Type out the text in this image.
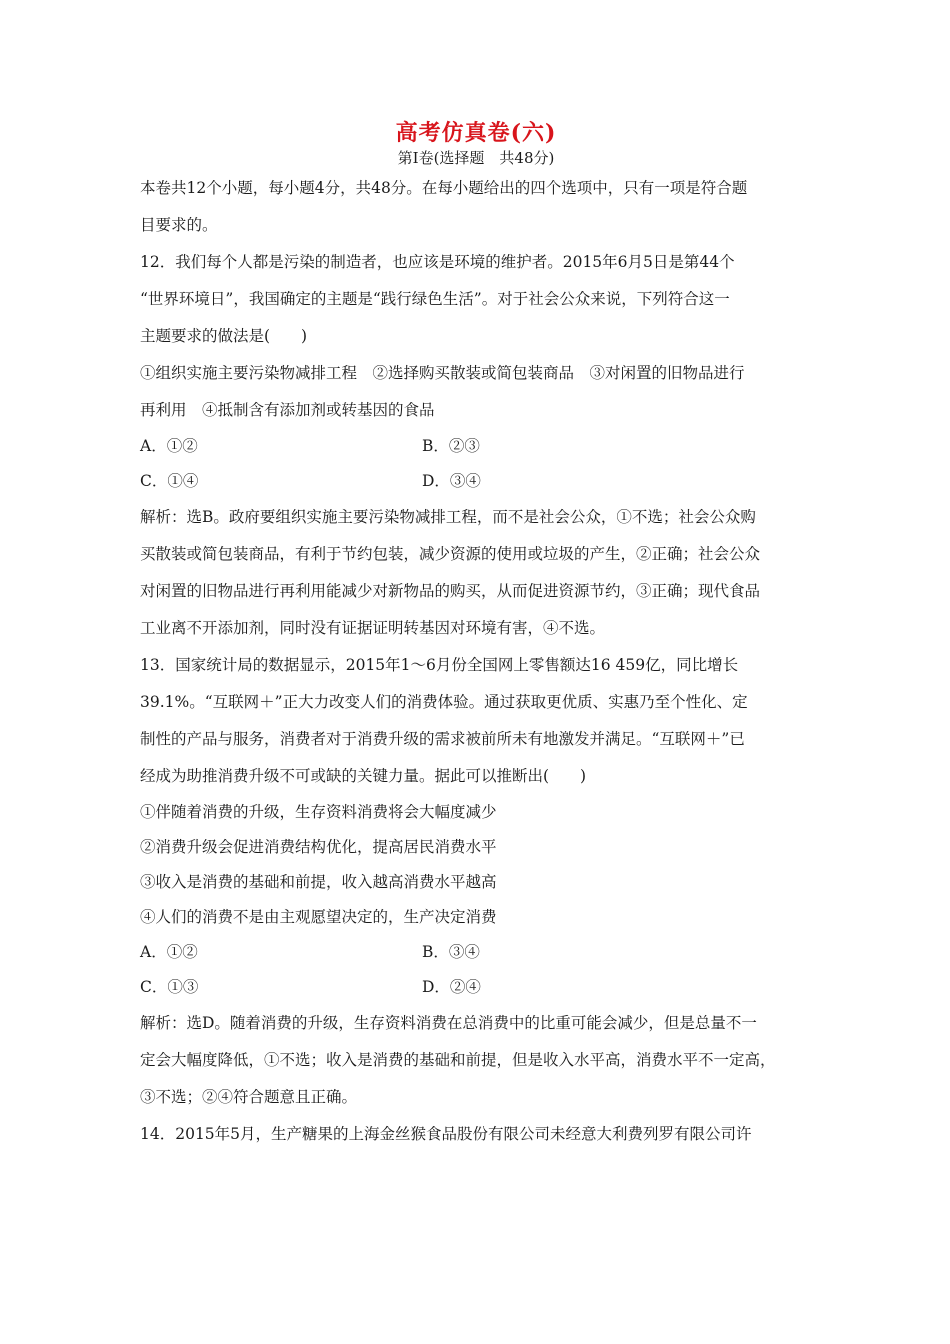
高考仿真卷(六)
第Ⅰ卷(选择题　共48分)
本卷共12个小题，每小题4分，共48分。在每小题给出的四个选项中，只有一项是符合题
目要求的。
12．我们每个人都是污染的制造者，也应该是环境的维护者。2015年6月5日是第44个
“世界环境日”，我国确定的主题是“践行绿色生活”。对于社会公众来说，下列符合这一
主题要求的做法是(　　)
①组织实施主要污染物减排工程　②选择购买散装或简包装商品　③对闲置的旧物品进行
再利用　④抵制含有添加剂或转基因的食品
A．①②	B．②③
C．①④	D．③④
解析：选B。政府要组织实施主要污染物减排工程，而不是社会公众，①不选；社会公众购
买散装或简包装商品，有利于节约包装，减少资源的使用或垃圾的产生，②正确；社会公众
对闲置的旧物品进行再利用能减少对新物品的购买，从而促进资源节约，③正确；现代食品
工业离不开添加剂，同时没有证据证明转基因对环境有害，④不选。
13．国家统计局的数据显示，2015年1～6月份全国网上零售额达16 459亿，同比增长
39.1%。“互联网＋”正大力改变人们的消费体验。通过获取更优质、实惠乃至个性化、定
制性的产品与服务，消费者对于消费升级的需求被前所未有地激发并满足。“互联网＋”已
经成为助推消费升级不可或缺的关键力量。据此可以推断出(　　)
①伴随着消费的升级，生存资料消费将会大幅度减少
②消费升级会促进消费结构优化，提高居民消费水平
③收入是消费的基础和前提，收入越高消费水平越高
④人们的消费不是由主观愿望决定的，生产决定消费
A．①②	B．③④
C．①③	D．②④
解析：选D。随着消费的升级，生存资料消费在总消费中的比重可能会减少，但是总量不一
定会大幅度降低，①不选；收入是消费的基础和前提，但是收入水平高，消费水平不一定高，
③不选；②④符合题意且正确。
14．2015年5月，生产糖果的上海金丝猴食品股份有限公司未经意大利费列罗有限公司许
